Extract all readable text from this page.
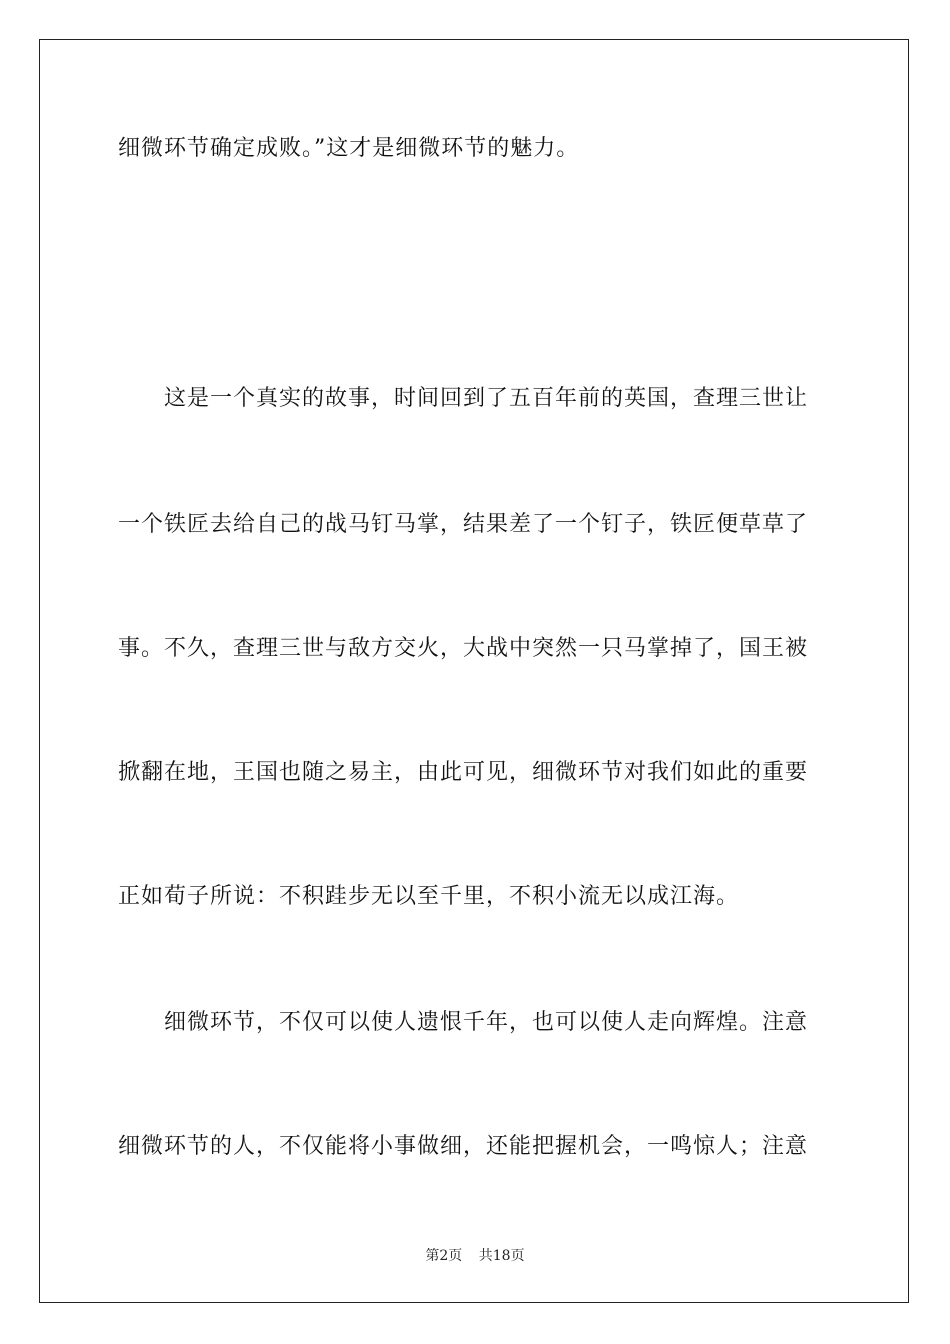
细微环节确定成败。”这才是细微环节的魅力。
这是一个真实的故事，时间回到了五百年前的英国，查理三世让
一个铁匠去给自己的战马钉马掌，结果差了一个钉子，铁匠便草草了
事。不久，查理三世与敌方交火，大战中突然一只马掌掉了，国王被
掀翻在地，王国也随之易主，由此可见，细微环节对我们如此的重要
正如荀子所说：不积跬步无以至千里，不积小流无以成江海。
细微环节，不仅可以使人遗恨千年，也可以使人走向辉煌。注意
细微环节的人，不仅能将小事做细，还能把握机会，一鸣惊人；注意
第2页 共18页
